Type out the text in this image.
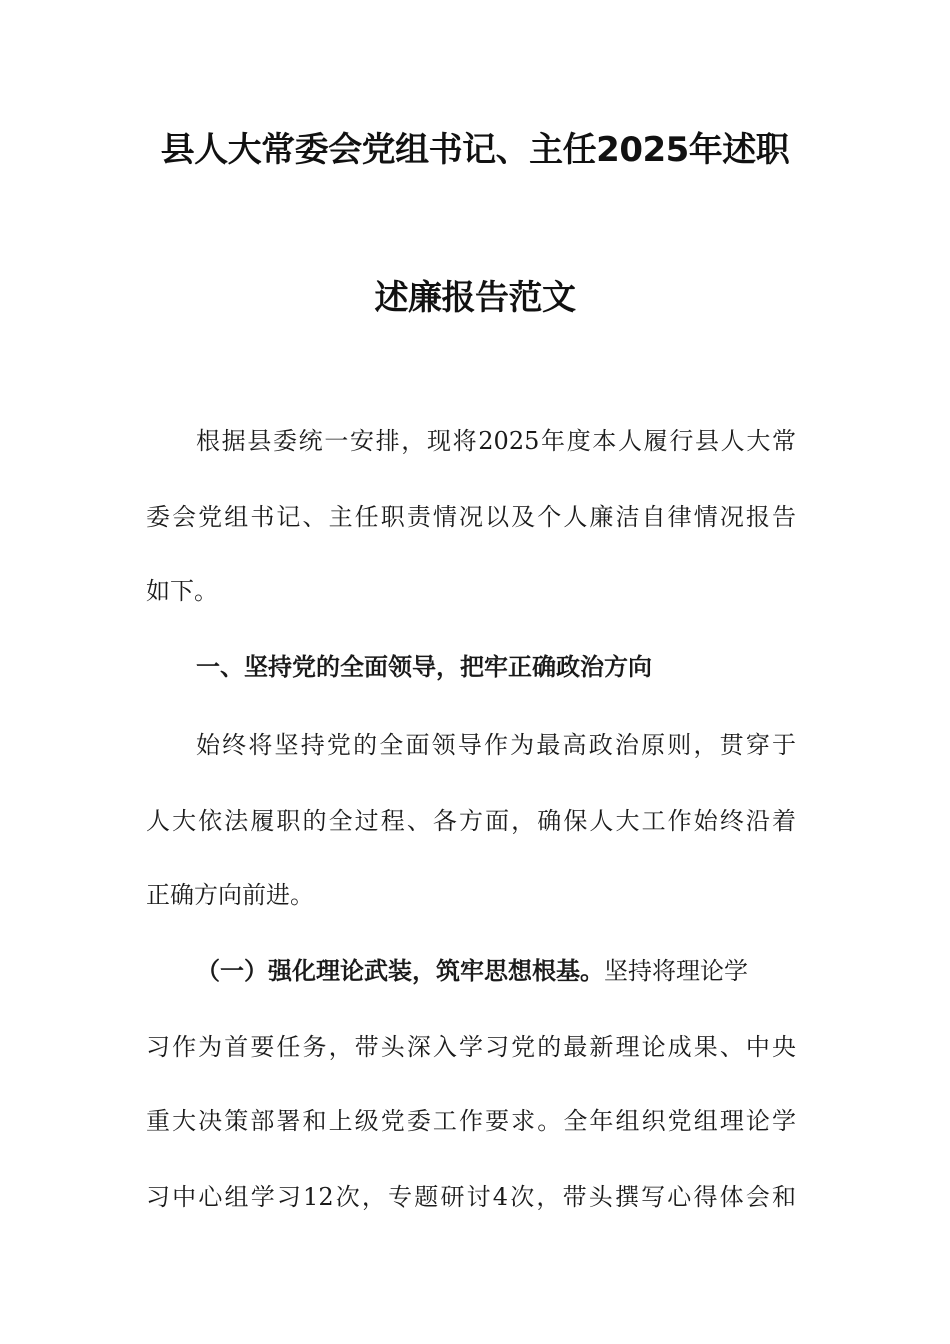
县人大常委会党组书记、主任2025年述职
述廉报告范文
根据县委统一安排，现将2025年度本人履行县人大常
委会党组书记、主任职责情况以及个人廉洁自律情况报告
如下。
一、坚持党的全面领导，把牢正确政治方向
始终将坚持党的全面领导作为最高政治原则，贯穿于
人大依法履职的全过程、各方面，确保人大工作始终沿着
正确方向前进。
（一）强化理论武装，筑牢思想根基。坚持将理论学
习作为首要任务，带头深入学习党的最新理论成果、中央
重大决策部署和上级党委工作要求。全年组织党组理论学
习中心组学习12次，专题研讨4次，带头撰写心得体会和
